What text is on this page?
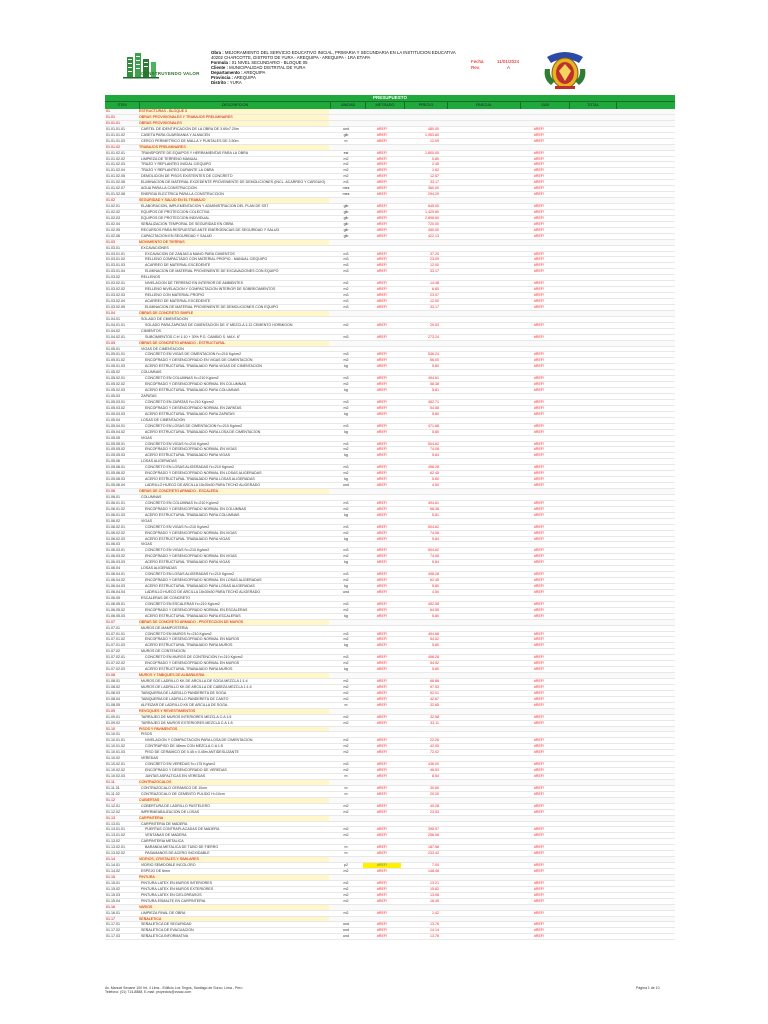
CONSTRUYENDO VALOR
Obra : MEJORAMIENTO DEL SERVICIO EDUCATIVO INICIAL, PRIMARIA Y SECUNDARIA EN LA INSTITUCION EDUCATIVA 40202 CHARCOTTE, DISTRITO DE YURA - AREQUIPA - AREQUIPA - 1RA ETAPA
Formula : 01 NIVEL SECUNDARIO - BLOQUE 05
Cliente : MUNICIPALIDAD DISTRITAL DE YURA
Departamento : AREQUIPA
Provincia : AREQUIPA
Distrito : YURA
Fecha	11/01/2024
Rev.	A
PRESUPUESTO
ITEM	DESCRIPCION	UNIDAD	METRADO	PRECIO	PARCIAL	SUB	TOTAL
01	ESTRUCTURAS - BLOQUE 5
01.01	OBRAS PROVISIONALES Y TRABAJOS PRELIMINARES
01.01.01	OBRAS PROVISIONALES
01.01.01.01	CARTEL DE IDENTIFICACION DE LA OBRA DE 3.60x7.20m	und	#REF!	480.00	#REF!
01.01.01.02	CASETA PARA GUARDIANIA Y ALMACEN	glb	#REF!	1,953.60	#REF!
01.01.01.03	CERCO PERIMETRICO DE MALLA Y PUNTALES DE 2.50m	m	#REF!	12.09	#REF!
01.01.02	TRABAJOS PRELIMINARES
01.01.02.01	TRANSPORTE DE EQUIPOS Y HERRAMIENTAS PARA LA OBRA	est	#REF!	1,800.00	#REF!
01.01.02.02	LIMPIEZA DE TERRENO MANUAL	m2	#REF!	0.80	#REF!
01.01.02.03	TRAZO Y REPLANTEO INICIAL C/EQUIPO	m2	#REF!	2.45	#REF!
01.01.02.04	TRAZO Y REPLANTEO DURANTE LA OBRA	m2	#REF!	1.62	#REF!
01.01.02.05	DEMOLICION DE PISOS EXISTENTES DE CONCRETO	m2	#REF!	12.57	#REF!
01.01.02.06	ELIMINACION DE MATERIAL EXCEDENTE PROVENIENTE DE DEMOLICIONES (INCL. ACARREO Y CARGUIO)	m3	#REF!	33.17	#REF!
01.01.02.07	AGUA PARA LA CONSTRUCCION	mes	#REF!	360.00	#REF!
01.01.02.08	ENERGIA ELECTRICA PARA LA CONSTRUCCION	mes	#REF!	294.29	#REF!
01.02	SEGURIDAD Y SALUD EN EL TRABAJO
01.02.01	ELABORACION, IMPLEMENTACION Y ADMINISTRACION DEL PLAN DE SST	glb	#REF!	645.00	#REF!
01.02.02	EQUIPOS DE PROTECCION COLECTIVA	glb	#REF!	1,429.80	#REF!
01.02.03	EQUIPOS DE PROTECCION INDIVIDUAL	glb	#REF!	2,898.60	#REF!
01.02.04	SEÑALIZACION TEMPORAL DE SEGURIDAD EN OBRA	glb	#REF!	720.00	#REF!
01.02.05	RECURSOS PARA RESPUESTAS ANTE EMERGENCIAS DE SEGURIDAD Y SALUD	glb	#REF!	450.00	#REF!
01.02.06	CAPACITACION EN SEGURIDAD Y SALUD	glb	#REF!	422.13	#REF!
01.03	MOVIMIENTO DE TIERRAS
01.03.01	EXCAVACIONES
01.03.01.01	EXCAVACION DE ZANJAS A MANO PARA CIMIENTOS	m3	#REF!	37.20	#REF!
01.03.01.02	RELLENO COMPACTADO CON MATERIAL PROPIO - MANUAL C/EQUIPO	m3	#REF!	23.09	#REF!
01.03.01.03	ACARREO DE MATERIAL EXCEDENTE	m3	#REF!	12.00	#REF!
01.03.01.04	ELIMINACION DE MATERIAL PROVENIENTE DE EXCAVACIONES CON EQUIPO	m3	#REF!	33.17	#REF!
01.03.02	RELLENOS
01.03.02.01	NIVELACION DE TERRENO EN INTERIOR DE AMBIENTES	m2	#REF!	14.48	#REF!
01.03.02.02	RELLENO NIVELACION Y COMPACTACION INTERIOR DE SOBRECIMIENTOS	m2	#REF!	6.80	#REF!
01.03.02.03	RELLENO CON MATERIAL PROPIO	m3	#REF!	23.07	#REF!
01.03.02.04	ACARREO DE MATERIAL EXCEDENTE	m3	#REF!	12.00	#REF!
01.03.02.05	ELIMINACION DE MATERIAL PROVENIENTE DE DEMOLICIONES CON EQUIPO	m3	#REF!	33.17	#REF!
01.04	OBRAS DE CONCRETO SIMPLE
01.04.01	SOLADO DE CIMENTACION
01.04.01.01	SOLADO PARA ZAPATAS DE CIMENTACION DE 4" MEZCLA 1:12 CEMENTO HORMIGON	m2	#REF!	29.53	#REF!
01.04.02	CIMIENTOS
01.04.02.01	SUBCIMIENTOS C:H 1:10 + 30% P.G. CAMBIO S. MAX. 6"	m3	#REF!	273.24	#REF!
01.05	OBRAS DE CONCRETO ARMADO - ESTRUCTURAL
01.05.01	VIGAS DE CIMENTACION
01.05.01.01	CONCRETO EN VIGAS DE CIMENTACION f'c=210 Kg/cm2	m3	#REF!	536.24	#REF!
01.05.01.02	ENCOFRADO Y DESENCOFRADO EN VIGAS DE CIMENTACION	m2	#REF!	56.00	#REF!
01.05.01.03	ACERO ESTRUCTURAL TRABAJADO PARA VIGAS DE CIMENTACION	kg	#REF!	5.80	#REF!
01.05.02	COLUMNAS
01.05.02.01	CONCRETO EN COLUMNAS f'c=210 Kg/cm2	m3	#REF!	494.61	#REF!
01.05.02.02	ENCOFRADO Y DESENCOFRADO NORMAL EN COLUMNAS	m2	#REF!	58.38	#REF!
01.05.02.03	ACERO ESTRUCTURAL TRABAJADO PARA COLUMNAS	kg	#REF!	5.81	#REF!
01.05.03	ZAPATAS
01.05.03.01	CONCRETO EN ZAPATAS f'c=210 Kg/cm2	m3	#REF!	452.71	#REF!
01.05.03.02	ENCOFRADO Y DESENCOFRADO NORMAL EN ZAPATAS	m2	#REF!	54.58	#REF!
01.05.03.03	ACERO ESTRUCTURAL TRABAJADO PARA ZAPATAS	kg	#REF!	5.80	#REF!
01.05.04	LOSAS DE CIMENTACION
01.05.04.01	CONCRETO EN LOSAS DE CIMENTACION f'c=210 Kg/cm2	m3	#REF!	471.68	#REF!
01.05.04.02	ACERO ESTRUCTURAL TRABAJADO PARA LOSA DE CIMENTACION	kg	#REF!	5.80	#REF!
01.05.05	VIGAS
01.05.05.01	CONCRETO EN VIGAS f'c=210 Kg/cm2	m3	#REF!	504.62	#REF!
01.05.05.02	ENCOFRADO Y DESENCOFRADO NORMAL EN VIGAS	m2	#REF!	74.08	#REF!
01.05.05.03	ACERO ESTRUCTURAL TRABAJADO PARA VIGAS	kg	#REF!	5.84	#REF!
01.05.06	LOSAS ALIGERADAS
01.05.06.01	CONCRETO EN LOSAS ALIGERADAS f'c=210 Kg/cm2	m3	#REF!	498.28	#REF!
01.05.06.02	ENCOFRADO Y DESENCOFRADO NORMAL EN LOSAS ALIGERADAS	m2	#REF!	62.45	#REF!
01.05.06.03	ACERO ESTRUCTURAL TRABAJADO PARA LOSAS ALIGERADAS	kg	#REF!	5.80	#REF!
01.05.06.04	LADRILLO HUECO DE ARCILLA 15x30x30 PARA TECHO ALIGERADO	und	#REF!	4.50	#REF!
01.06	OBRAS DE CONCRETO ARMADO - ESCALERA
01.06.01	COLUMNAS
01.06.01.01	CONCRETO EN COLUMNAS f'c=210 Kg/cm2	m3	#REF!	494.61	#REF!
01.06.01.02	ENCOFRADO Y DESENCOFRADO NORMAL EN COLUMNAS	m2	#REF!	58.38	#REF!
01.06.01.03	ACERO ESTRUCTURAL TRABAJADO PARA COLUMNAS	kg	#REF!	5.81	#REF!
01.06.02	VIGAS
01.06.02.01	CONCRETO EN VIGAS f'c=210 Kg/cm2	m3	#REF!	504.62	#REF!
01.06.02.02	ENCOFRADO Y DESENCOFRADO NORMAL EN VIGAS	m2	#REF!	74.08	#REF!
01.06.02.03	ACERO ESTRUCTURAL TRABAJADO PARA VIGAS	kg	#REF!	5.84	#REF!
01.06.03	VIGAS
01.06.03.01	CONCRETO EN VIGAS f'c=210 Kg/cm2	m3	#REF!	504.62	#REF!
01.06.03.02	ENCOFRADO Y DESENCOFRADO NORMAL EN VIGAS	m2	#REF!	74.08	#REF!
01.06.03.03	ACERO ESTRUCTURAL TRABAJADO PARA VIGAS	kg	#REF!	5.84	#REF!
01.06.04	LOSAS ALIGERADAS
01.06.04.01	CONCRETO EN LOSAS ALIGERADAS f'c=210 Kg/cm2	m3	#REF!	498.28	#REF!
01.06.04.02	ENCOFRADO Y DESENCOFRADO NORMAL EN LOSAS ALIGERADAS	m2	#REF!	62.45	#REF!
01.06.04.03	ACERO ESTRUCTURAL TRABAJADO PARA LOSAS ALIGERADAS	kg	#REF!	5.80	#REF!
01.06.04.04	LADRILLO HUECO DE ARCILLA 15x30x30 PARA TECHO ALIGERADO	und	#REF!	4.50	#REF!
01.06.05	ESCALERAS DE CONCRETO
01.06.05.01	CONCRETO EN ESCALERAS f'c=210 Kg/cm2	m3	#REF!	452.58	#REF!
01.06.05.02	ENCOFRADO Y DESENCOFRADO NORMAL EN ESCALERAS	m2	#REF!	64.55	#REF!
01.06.05.03	ACERO ESTRUCTURAL TRABAJADO PARA ESCALERAS	kg	#REF!	5.80	#REF!
01.07	OBRAS DE CONCRETO ARMADO - PROTECCION DE MUROS
01.07.01	MUROS DE MAMPOSTERIA
01.07.01.01	CONCRETO EN MUROS f'c=210 Kg/cm2	m3	#REF!	494.68	#REF!
01.07.01.02	ENCOFRADO Y DESENCOFRADO NORMAL EN MUROS	m2	#REF!	54.52	#REF!
01.07.01.03	ACERO ESTRUCTURAL TRABAJADO PARA MUROS	kg	#REF!	5.80	#REF!
01.07.02	MUROS DE CONTENCION
01.07.02.01	CONCRETO EN MUROS DE CONTENCION f'c=210 Kg/cm2	m3	#REF!	498.28	#REF!
01.07.02.02	ENCOFRADO Y DESENCOFRADO NORMAL EN MUROS	m2	#REF!	54.52	#REF!
01.07.02.03	ACERO ESTRUCTURAL TRABAJADO PARA MUROS	kg	#REF!	5.80	#REF!
01.08	MUROS Y TABIQUES DE ALBAÑILERIA
01.08.01	MUROS DE LADRILLO KK DE ARCILLA DE SOGA MEZCLA 1:1:4	m2	#REF!	68.86	#REF!
01.08.02	MUROS DE LADRILLO KK DE ARCILLA DE CABEZA MEZCLA 1:1:4	m2	#REF!	97.53	#REF!
01.08.03	TABIQUERIA DE LADRILLO PANDERETA DE SOGA	m2	#REF!	52.01	#REF!
01.08.04	TABIQUERIA DE LADRILLO PANDERETA DE CANTO	m2	#REF!	42.67	#REF!
01.08.05	ALFEIZAR DE LADRILLO KK DE ARCILLA DE SOGA	m	#REF!	32.65	#REF!
01.09	REVOQUES Y REVESTIMIENTOS
01.09.01	TARRAJEO DE MUROS INTERIORES MEZCLA C:A 1:5	m2	#REF!	32.58	#REF!
01.09.02	TARRAJEO DE MUROS EXTERIORES MEZCLA C:A 1:5	m2	#REF!	33.11	#REF!
01.10	PISOS Y PAVIMENTOS
01.10.01	PISOS
01.10.01.01	NIVELACION Y COMPACTACION PARA LOSA DE CIMENTACION	m2	#REF!	22.26	#REF!
01.10.01.02	CONTRAPISO DE 48mm CON MEZCLA C:A 1:5	m2	#REF!	42.05	#REF!
01.10.01.03	PISO DE CERAMICO DE 0.45 x 0.45m ANTIDESLIZANTE	m2	#REF!	72.02	#REF!
01.10.02	VEREDAS
01.10.02.01	CONCRETO EN VEREDAS f'c=175 Kg/cm2	m3	#REF!	436.00	#REF!
01.10.02.02	ENCOFRADO Y DESENCOFRADO DE VEREDAS	m2	#REF!	46.53	#REF!
01.10.02.03	JUNTAS ASFALTICAS EN VEREDAS	m	#REF!	8.54	#REF!
01.11	CONTRAZOCALOS
01.11.01	CONTRAZOCALO CERAMICO DE 10cm	m	#REF!	30.60	#REF!
01.11.02	CONTRAZOCALO DE CEMENTO PULIDO H=10cm	m	#REF!	20.20	#REF!
01.12	CUBIERTAS
01.12.01	COBERTURA DE LADRILLO PASTELERO	m2	#REF!	40.28	#REF!
01.12.02	IMPERMEABILIZACION DE LOSAS	m2	#REF!	23.53	#REF!
01.13	CARPINTERIA
01.13.01	CARPINTERIA DE MADERA
01.13.01.01	PUERTAS CONTRAPLACADAS DE MADERA	m2	#REF!	395.97	#REF!
01.13.01.02	VENTANAS DE MADERA	m2	#REF!	256.08	#REF!
01.13.02	CARPINTERIA METALICA
01.13.02.01	BARANDA METALICA DE TUBO DE FIERRO	m	#REF!	187.56	#REF!
01.13.02.02	PASAMANOS DE ACERO INOXIDABLE	m	#REF!	233.42	#REF!
01.14	VIDRIOS, CRISTALES Y SIMILARES
01.14.01	VIDRIO SEMIDOBLE INCOLORO	p2	#REF!	7.00	#REF!
01.14.02	ESPEJO DE 6mm	m2	#REF!	148.46	#REF!
01.15	PINTURA
01.15.01	PINTURA LATEX EN MUROS INTERIORES	m2	#REF!	13.21	#REF!
01.15.02	PINTURA LATEX EN MUROS EXTERIORES	m2	#REF!	15.82	#REF!
01.15.03	PINTURA LATEX EN CIELORRASOS	m2	#REF!	13.08	#REF!
01.15.04	PINTURA ESMALTE EN CARPINTERIA	m2	#REF!	18.49	#REF!
01.16	VARIOS
01.16.01	LIMPIEZA FINAL DE OBRA	m2	#REF!	1.42	#REF!
01.17	SEÑALETICA
01.17.01	SEÑALETICA DE SEGURIDAD	und	#REF!	13.76	#REF!
01.17.02	SEÑALETICA DE EVACUACION	und	#REF!	14.14	#REF!
01.17.03	SEÑALETICA INFORMATIVA	und	#REF!	13.76	#REF!
Av. Manuel Seoane 100 Int. 4 Lima - Edificio Los Tingos, Santiago de Surco, Lima - Peru
Telefono: (01) 714-8888, E-mail: proyectos@cvsac.com
Página 1 de 10
